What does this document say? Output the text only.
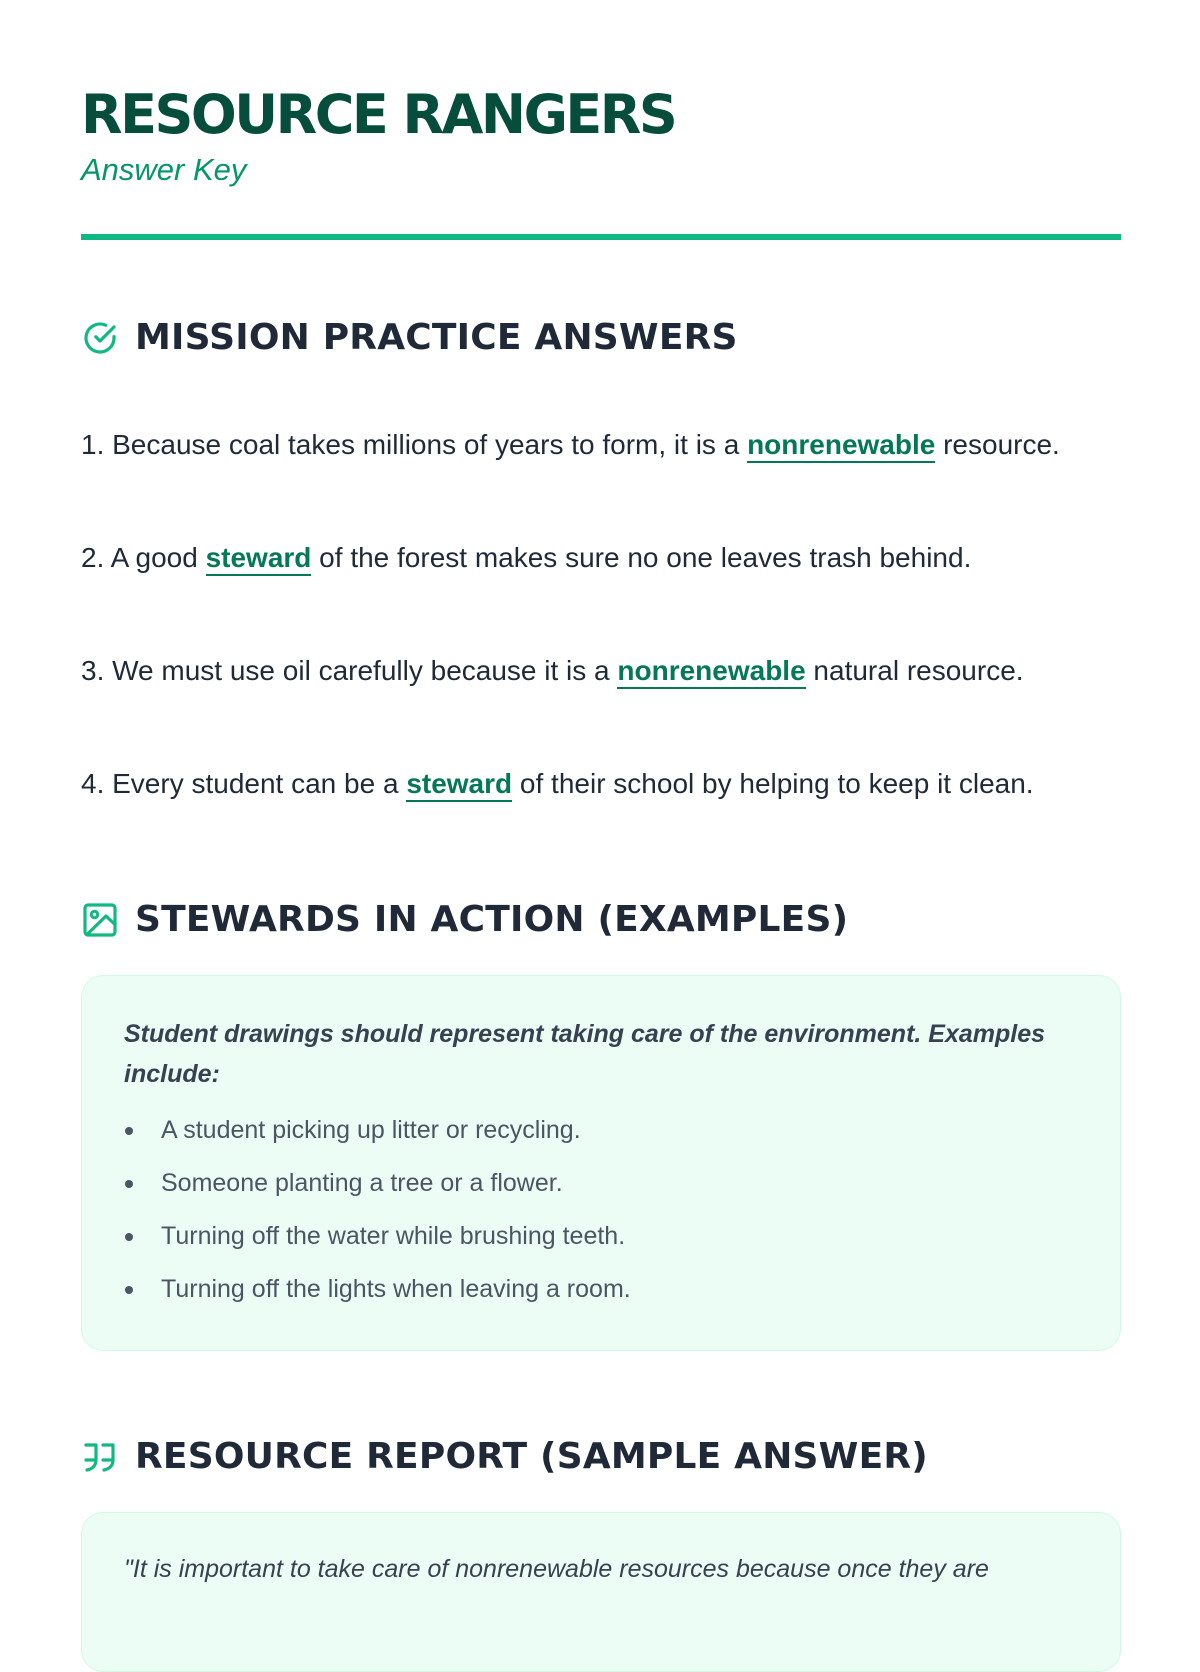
RESOURCE RANGERS
Answer Key
MISSION PRACTICE ANSWERS
1. Because coal takes millions of years to form, it is a nonrenewable resource.
2. A good steward of the forest makes sure no one leaves trash behind.
3. We must use oil carefully because it is a nonrenewable natural resource.
4. Every student can be a steward of their school by helping to keep it clean.
STEWARDS IN ACTION (EXAMPLES)

Student drawings should represent taking care of the environment. Examples include:

A student picking up litter or recycling.
Someone planting a tree or a flower.
Turning off the water while brushing teeth.
Turning off the lights when leaving a room.
RESOURCE REPORT (SAMPLE ANSWER)

"It is important to take care of nonrenewable resources because once they are
